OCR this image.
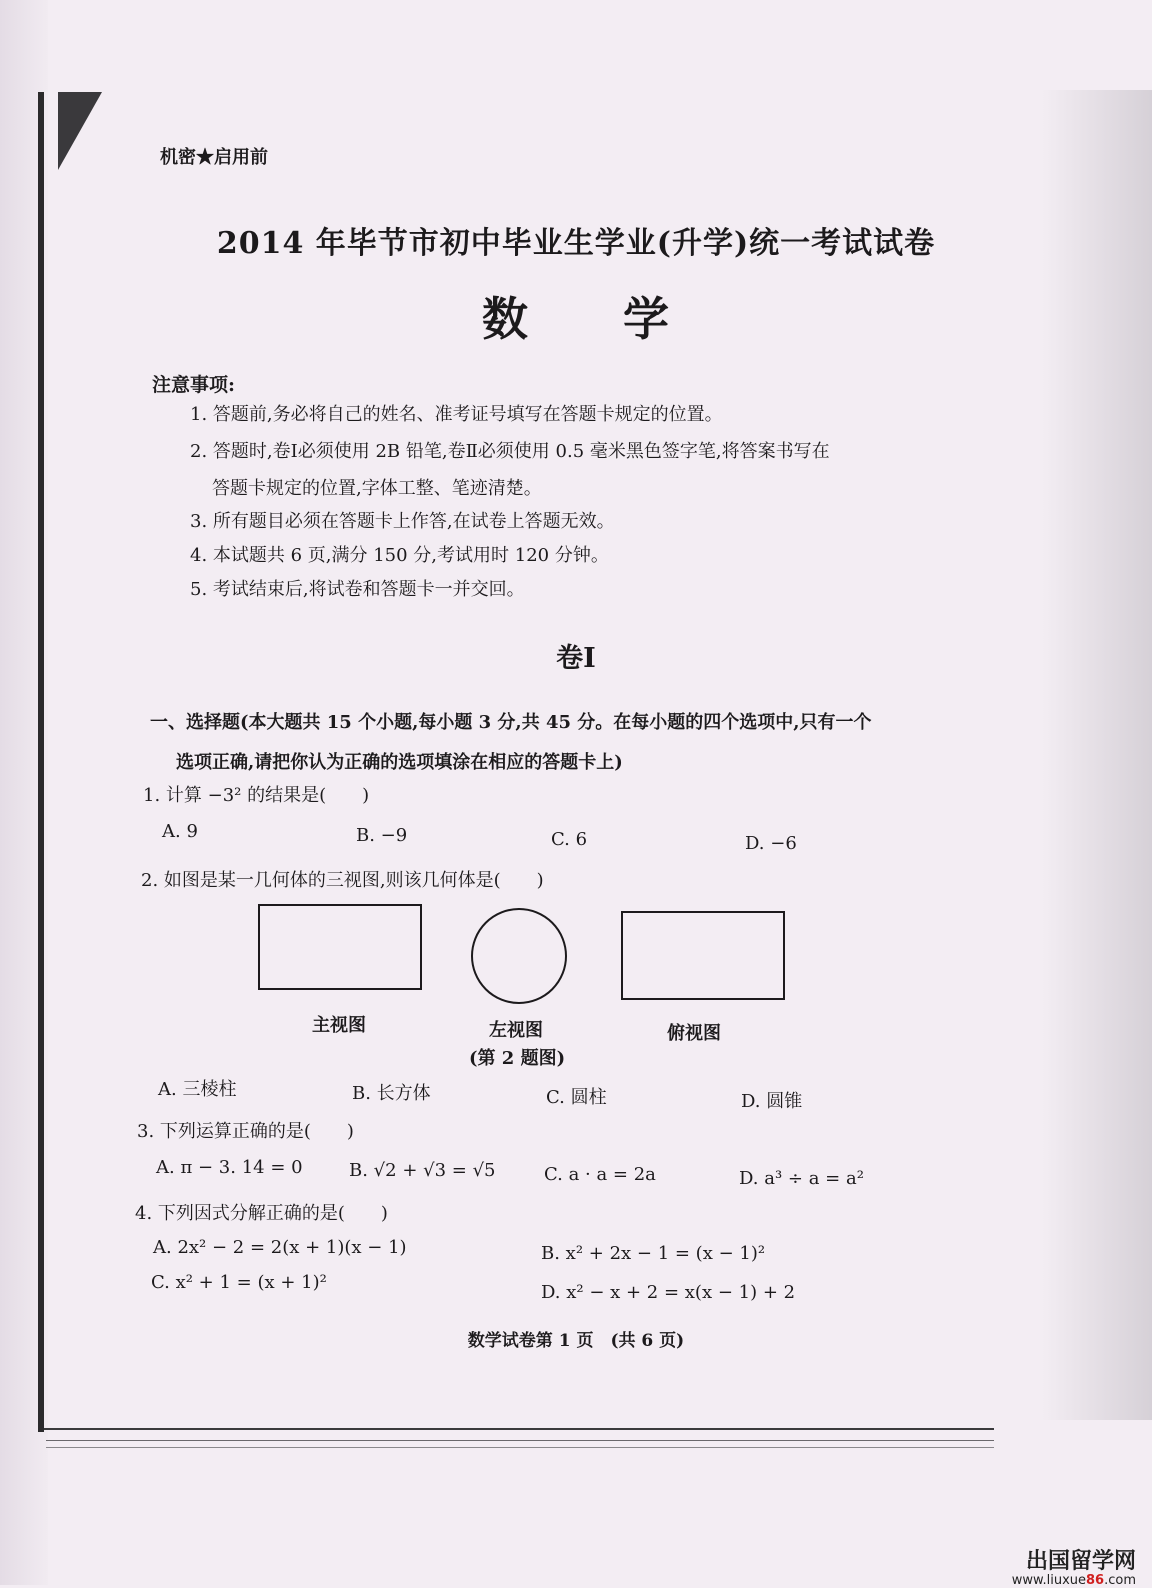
机密★启用前
2014 年毕节市初中毕业生学业(升学)统一考试试卷
数　　学
注意事项:
1. 答题前,务必将自己的姓名、准考证号填写在答题卡规定的位置。
2. 答题时,卷Ⅰ必须使用 2B 铅笔,卷Ⅱ必须使用 0.5 毫米黑色签字笔,将答案书写在
答题卡规定的位置,字体工整、笔迹清楚。
3. 所有题目必须在答题卡上作答,在试卷上答题无效。
4. 本试题共 6 页,满分 150 分,考试用时 120 分钟。
5. 考试结束后,将试卷和答题卡一并交回。
卷Ⅰ
一、选择题(本大题共 15 个小题,每小题 3 分,共 45 分。在每小题的四个选项中,只有一个
选项正确,请把你认为正确的选项填涂在相应的答题卡上)
1. 计算 −3² 的结果是(　　)
A. 9	B. −9	C. 6	D. −6
2. 如图是某一几何体的三视图,则该几何体是(　　)
主视图	左视图	俯视图
(第 2 题图)
A. 三棱柱	B. 长方体	C. 圆柱	D. 圆锥
3. 下列运算正确的是(　　)
A. π − 3. 14 = 0	B. √2 + √3 = √5	C. a · a = 2a	D. a³ ÷ a = a²
4. 下列因式分解正确的是(　　)
A. 2x² − 2 = 2(x + 1)(x − 1)	B. x² + 2x − 1 = (x − 1)²
C. x² + 1 = (x + 1)²	D. x² − x + 2 = x(x − 1) + 2
数学试卷第 1 页　(共 6 页)
出国留学网
www.liuxue86.com
